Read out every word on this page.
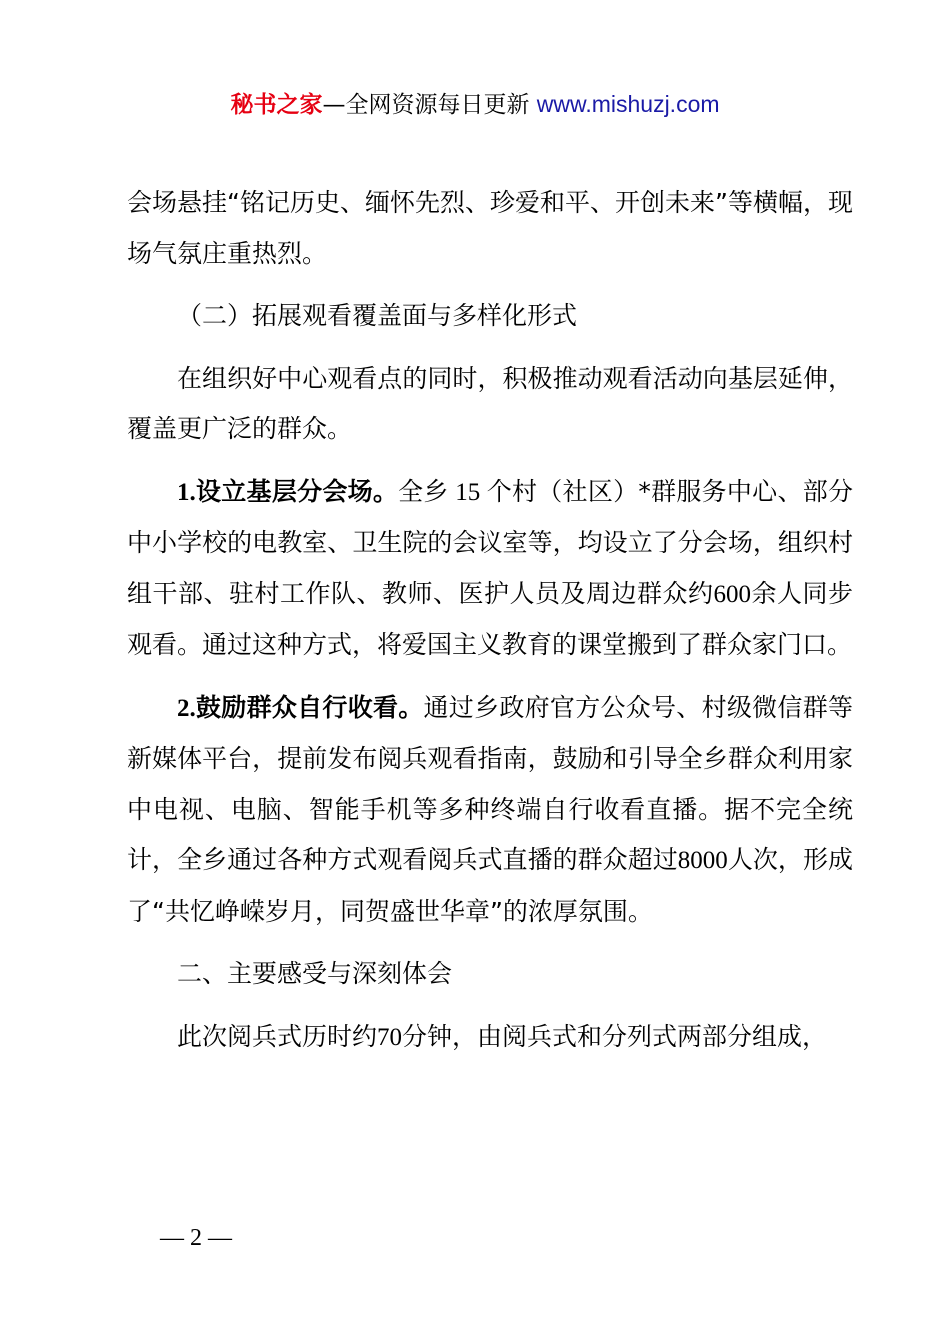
秘书之家—全网资源每日更新 www.mishuzj.com

会场悬挂“铭记历史、缅怀先烈、珍爱和平、开创未来”等横幅，现场气氛庄重热烈。

（二）拓展观看覆盖面与多样化形式

在组织好中心观看点的同时，积极推动观看活动向基层延伸，覆盖更广泛的群众。

1.设立基层分会场。全乡 15 个村（社区）*群服务中心、部分中小学校的电教室、卫生院的会议室等，均设立了分会场，组织村组干部、驻村工作队、教师、医护人员及周边群众约600余人同步观看。通过这种方式，将爱国主义教育的课堂搬到了群众家门口。

2.鼓励群众自行收看。通过乡政府官方公众号、村级微信群等新媒体平台，提前发布阅兵观看指南，鼓励和引导全乡群众利用家中电视、电脑、智能手机等多种终端自行收看直播。据不完全统计，全乡通过各种方式观看阅兵式直播的群众超过8000人次，形成了“共忆峥嵘岁月，同贺盛世华章”的浓厚氛围。

二、主要感受与深刻体会

此次阅兵式历时约70分钟，由阅兵式和分列式两部分组成，

— 2 —
